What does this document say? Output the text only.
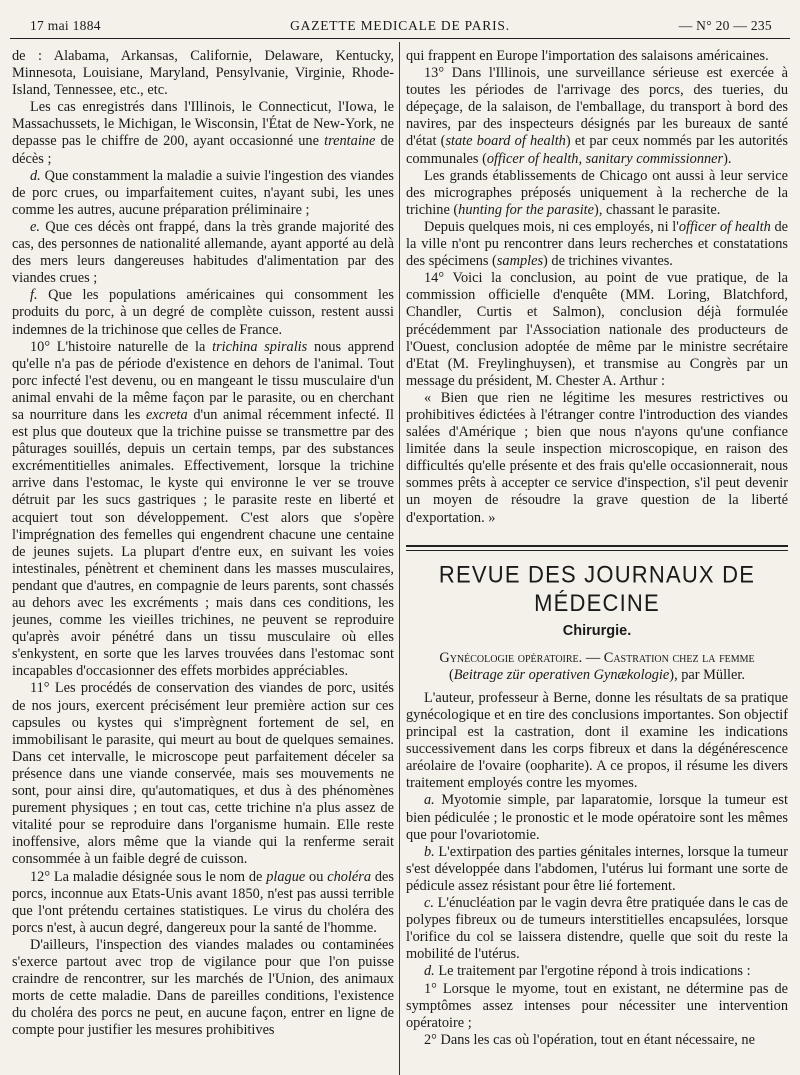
17 mai 1884	GAZETTE MEDICALE DE PARIS.	— N° 20 — 235

de : Alabama, Arkansas, Californie, Delaware, Kentucky, Minnesota, Louisiane, Maryland, Pensylvanie, Virginie, Rhode-Island, Tennessee, etc., etc.

Les cas enregistrés dans l'Illinois, le Connecticut, l'Iowa, le Massachussets, le Michigan, le Wisconsin, l'État de New-York, ne depasse pas le chiffre de 200, ayant occasionné une trentaine de décès ;

d. Que constamment la maladie a suivie l'ingestion des viandes de porc crues, ou imparfaitement cuites, n'ayant subi, les unes comme les autres, aucune préparation préliminaire ;

e. Que ces décès ont frappé, dans la très grande majorité des cas, des personnes de nationalité allemande, ayant apporté au delà des mers leurs dangereuses habitudes d'alimentation par des viandes crues ;

f. Que les populations américaines qui consomment les produits du porc, à un degré de complète cuisson, restent aussi indemnes de la trichinose que celles de France.

10° L'histoire naturelle de la trichina spiralis nous apprend qu'elle n'a pas de période d'existence en dehors de l'animal. Tout porc infecté l'est devenu, ou en mangeant le tissu musculaire d'un animal envahi de la même façon par le parasite, ou en cherchant sa nourriture dans les excreta d'un animal récemment infecté. Il est plus que douteux que la trichine puisse se transmettre par des pâturages souillés, depuis un certain temps, par des substances excrémentitielles animales. Effectivement, lorsque la trichine arrive dans l'estomac, le kyste qui environne le ver se trouve détruit par les sucs gastriques ; le parasite reste en liberté et acquiert tout son développement. C'est alors que s'opère l'imprégnation des femelles qui engendrent chacune une centaine de jeunes sujets. La plupart d'entre eux, en suivant les voies intestinales, pénètrent et cheminent dans les masses musculaires, pendant que d'autres, en compagnie de leurs parents, sont chassés au dehors avec les excréments ; mais dans ces conditions, les jeunes, comme les vieilles trichines, ne peuvent se reproduire qu'après avoir pénétré dans un tissu musculaire où elles s'enkystent, en sorte que les larves trouvées dans l'estomac sont incapables d'occasionner des effets morbides appréciables.

11° Les procédés de conservation des viandes de porc, usités de nos jours, exercent précisément leur première action sur ces capsules ou kystes qui s'imprègnent fortement de sel, en immobilisant le parasite, qui meurt au bout de quelques semaines. Dans cet intervalle, le microscope peut parfaitement déceler sa présence dans une viande conservée, mais ses mouvements ne sont, pour ainsi dire, qu'automatiques, et dus à des phénomènes purement physiques ; en tout cas, cette trichine n'a plus assez de vitalité pour se reproduire dans l'organisme humain. Elle reste inoffensive, alors même que la viande qui la renferme serait consommée à un faible degré de cuisson.

12° La maladie désignée sous le nom de plague ou choléra des porcs, inconnue aux Etats-Unis avant 1850, n'est pas aussi terrible que l'ont prétendu certaines statistiques. Le virus du choléra des porcs n'est, à aucun degré, dangereux pour la santé de l'homme.

D'ailleurs, l'inspection des viandes malades ou contaminées s'exerce partout avec trop de vigilance pour que l'on puisse craindre de rencontrer, sur les marchés de l'Union, des animaux morts de cette maladie. Dans de pareilles conditions, l'existence du choléra des porcs ne peut, en aucune façon, entrer en ligne de compte pour justifier les mesures prohibitives

qui frappent en Europe l'importation des salaisons américaines.

13° Dans l'Illinois, une surveillance sérieuse est exercée à toutes les périodes de l'arrivage des porcs, des tueries, du dépeçage, de la salaison, de l'emballage, du transport à bord des navires, par des inspecteurs désignés par les bureaux de santé d'état (state board of health) et par ceux nommés par les autorités communales (officer of health, sanitary commissionner).

Les grands établissements de Chicago ont aussi à leur service des micrographes préposés uniquement à la recherche de la trichine (hunting for the parasite), chassant le parasite.

Depuis quelques mois, ni ces employés, ni l'officer of health de la ville n'ont pu rencontrer dans leurs recherches et constatations des spécimens (samples) de trichines vivantes.

14° Voici la conclusion, au point de vue pratique, de la commission officielle d'enquête (MM. Loring, Blatchford, Chandler, Curtis et Salmon), conclusion déjà formulée précédemment par l'Association nationale des producteurs de l'Ouest, conclusion adoptée de même par le ministre secrétaire d'Etat (M. Freylinghuysen), et transmise au Congrès par un message du président, M. Chester A. Arthur :

« Bien que rien ne légitime les mesures restrictives ou prohibitives édictées à l'étranger contre l'introduction des viandes salées d'Amérique ; bien que nous n'ayons qu'une confiance limitée dans la seule inspection microscopique, en raison des difficultés qu'elle présente et des frais qu'elle occasionnerait, nous sommes prêts à accepter ce service d'inspection, s'il peut devenir un moyen de résoudre la grave question de la liberté d'exportation. »

REVUE DES JOURNAUX DE MÉDECINE

Chirurgie.

Gynécologie opératoire. — Castration chez la femme
(Beitrage zür operativen Gynækologie), par Müller.

L'auteur, professeur à Berne, donne les résultats de sa pratique gynécologique et en tire des conclusions importantes. Son objectif principal est la castration, dont il examine les indications successivement dans les corps fibreux et dans la dégénérescence aréolaire de l'ovaire (oopharite). A ce propos, il résume les divers traitement employés contre les myomes.

a. Myotomie simple, par laparatomie, lorsque la tumeur est bien pédiculée ; le pronostic et le mode opératoire sont les mêmes que pour l'ovariotomie.

b. L'extirpation des parties génitales internes, lorsque la tumeur s'est développée dans l'abdomen, l'utérus lui formant une sorte de pédicule assez résistant pour être lié fortement.

c. L'énucléation par le vagin devra être pratiquée dans le cas de polypes fibreux ou de tumeurs interstitielles encapsulées, lorsque l'orifice du col se laissera distendre, quelle que soit du reste la mobilité de l'utérus.

d. Le traitement par l'ergotine répond à trois indications :

1° Lorsque le myome, tout en existant, ne détermine pas de symptômes assez intenses pour nécessiter une intervention opératoire ;

2° Dans les cas où l'opération, tout en étant nécessaire, ne
